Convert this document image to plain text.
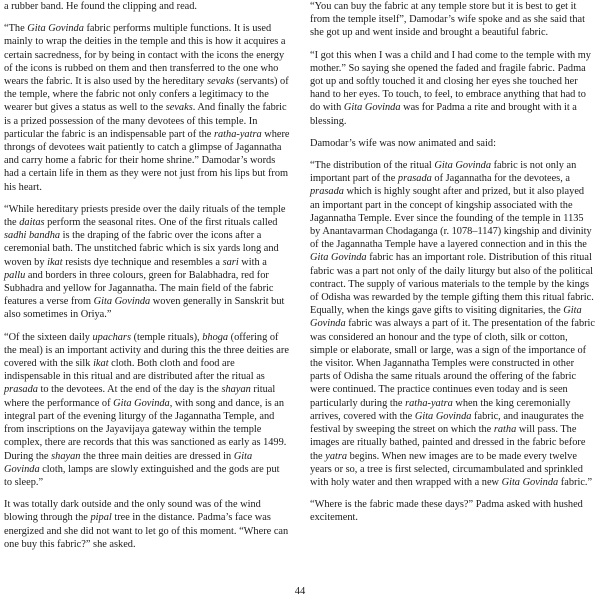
a rubber band. He found the clipping and read.

“The Gita Govinda fabric performs multiple functions. It is used mainly to wrap the deities in the temple and this is how it acquires a certain sacredness, for by being in contact with the icons the energy of the icons is rubbed on them and then transferred to the one who wears the fabric. It is also used by the hereditary sevaks (servants) of the temple, where the fabric not only confers a legitimacy to the wearer but gives a status as well to the sevaks. And finally the fabric is a prized possession of the many devotees of this temple. In particular the fabric is an indispensable part of the ratha-yatra where throngs of devotees wait patiently to catch a glimpse of Jagannatha and carry home a fabric for their home shrine.” Damodar’s words had a certain life in them as they were not just from his lips but from his heart.

“While hereditary priests preside over the daily rituals of the temple the daitas perform the seasonal rites. One of the first rituals called sadhi bandha is the draping of the fabric over the icons after a ceremonial bath. The unstitched fabric which is six yards long and woven by ikat resists dye technique and resembles a sari with a pallu and borders in three colours, green for Balabhadra, red for Subhadra and yellow for Jagannatha. The main field of the fabric features a verse from Gita Govinda woven generally in Sanskrit but also sometimes in Oriya.”

“Of the sixteen daily upachars (temple rituals), bhoga (offering of the meal) is an important activity and during this the three deities are covered with the silk ikat cloth. Both cloth and food are indispensable in this ritual and are distributed after the ritual as prasada to the devotees. At the end of the day is the shayan ritual where the performance of Gita Govinda, with song and dance, is an integral part of the evening liturgy of the Jagannatha Temple, and from inscriptions on the Jayavijaya gateway within the temple complex, there are records that this was sanctioned as early as 1499. During the shayan the three main deities are dressed in Gita Govinda cloth, lamps are slowly extinguished and the gods are put to sleep.”

It was totally dark outside and the only sound was of the wind blowing through the pipal tree in the distance. Padma’s face was energized and she did not want to let go of this moment. “Where can one buy this fabric?” she asked.

“You can buy the fabric at any temple store but it is best to get it from the temple itself”, Damodar’s wife spoke and as she said that she got up and went inside and brought a beautiful fabric.

“I got this when I was a child and I had come to the temple with my mother.” So saying she opened the faded and fragile fabric. Padma got up and softly touched it and closing her eyes she touched her hand to her eyes. To touch, to feel, to embrace anything that had to do with Gita Govinda was for Padma a rite and brought with it a blessing.

Damodar’s wife was now animated and said:

“The distribution of the ritual Gita Govinda fabric is not only an important part of the prasada of Jagannatha for the devotees, a prasada which is highly sought after and prized, but it also played an important part in the concept of kingship associated with the Jagannatha Temple. Ever since the founding of the temple in 1135 by Anantavarman Chodaganga (r. 1078–1147) kingship and divinity of the Jagannatha Temple have a layered connection and in this the Gita Govinda fabric has an important role. Distribution of this ritual fabric was a part not only of the daily liturgy but also of the political contract. The supply of various materials to the temple by the kings of Odisha was rewarded by the temple gifting them this ritual fabric. Equally, when the kings gave gifts to visiting dignitaries, the Gita Govinda fabric was always a part of it. The presentation of the fabric was considered an honour and the type of cloth, silk or cotton, simple or elaborate, small or large, was a sign of the importance of the visitor. When Jagannatha Temples were constructed in other parts of Odisha the same rituals around the offering of the fabric were continued. The practice continues even today and is seen particularly during the ratha-yatra when the king ceremonially arrives, covered with the Gita Govinda fabric, and inaugurates the festival by sweeping the street on which the ratha will pass. The images are ritually bathed, painted and dressed in the fabric before the yatra begins. When new images are to be made every twelve years or so, a tree is first selected, circumambulated and sprinkled with holy water and then wrapped with a new Gita Govinda fabric.”

“Where is the fabric made these days?” Padma asked with hushed excitement.

44
